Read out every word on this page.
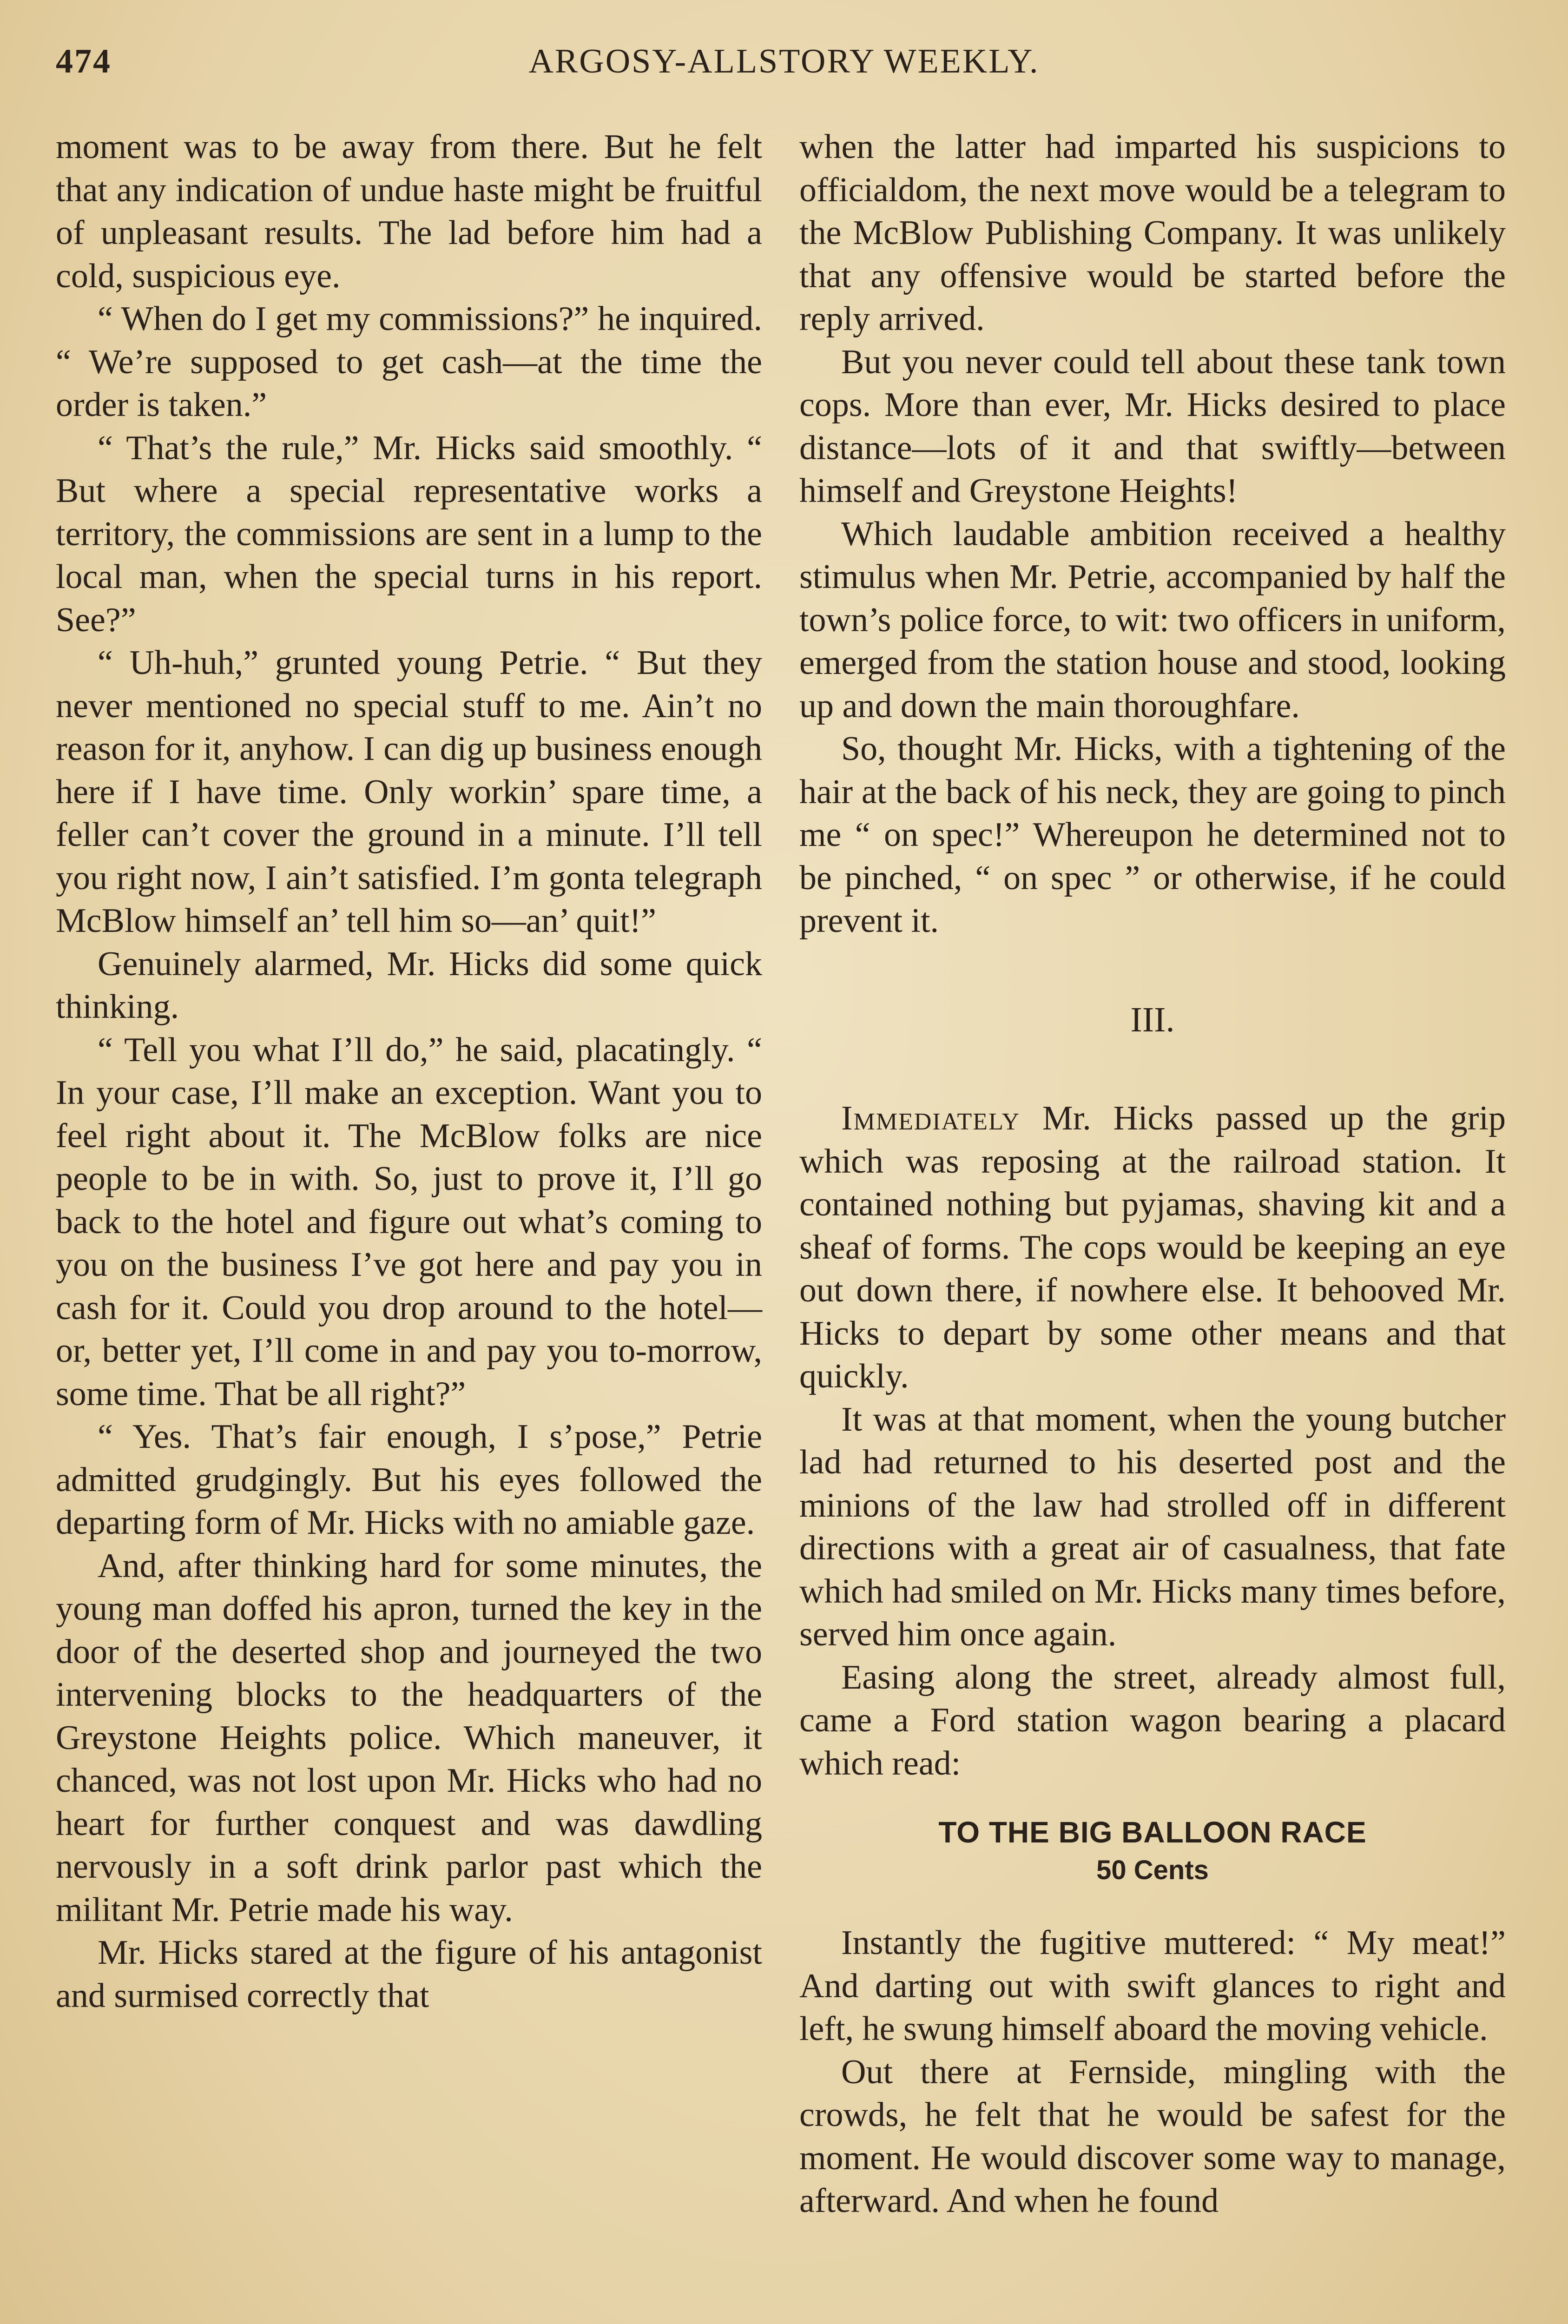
474	ARGOSY-ALLSTORY WEEKLY.

moment was to be away from there. But he felt that any indication of undue haste might be fruitful of unpleasant results. The lad before him had a cold, suspicious eye.

“ When do I get my commissions?” he inquired. “ We’re supposed to get cash—at the time the order is taken.”

“ That’s the rule,” Mr. Hicks said smoothly. “ But where a special representative works a territory, the commissions are sent in a lump to the local man, when the special turns in his report. See?”

“ Uh-huh,” grunted young Petrie. “ But they never mentioned no special stuff to me. Ain’t no reason for it, anyhow. I can dig up business enough here if I have time. Only workin’ spare time, a feller can’t cover the ground in a minute. I’ll tell you right now, I ain’t satisfied. I’m gonta telegraph McBlow himself an’ tell him so—an’ quit!”

Genuinely alarmed, Mr. Hicks did some quick thinking.

“ Tell you what I’ll do,” he said, placatingly. “ In your case, I’ll make an exception. Want you to feel right about it. The McBlow folks are nice people to be in with. So, just to prove it, I’ll go back to the hotel and figure out what’s coming to you on the business I’ve got here and pay you in cash for it. Could you drop around to the hotel—or, better yet, I’ll come in and pay you to-morrow, some time. That be all right?”

“ Yes. That’s fair enough, I s’pose,” Petrie admitted grudgingly. But his eyes followed the departing form of Mr. Hicks with no amiable gaze.

And, after thinking hard for some minutes, the young man doffed his apron, turned the key in the door of the deserted shop and journeyed the two intervening blocks to the headquarters of the Greystone Heights police. Which maneuver, it chanced, was not lost upon Mr. Hicks who had no heart for further conquest and was dawdling nervously in a soft drink parlor past which the militant Mr. Petrie made his way.

Mr. Hicks stared at the figure of his antagonist and surmised correctly that

when the latter had imparted his suspicions to officialdom, the next move would be a telegram to the McBlow Publishing Company. It was unlikely that any offensive would be started before the reply arrived.

But you never could tell about these tank town cops. More than ever, Mr. Hicks desired to place distance—lots of it and that swiftly—between himself and Greystone Heights!

Which laudable ambition received a healthy stimulus when Mr. Petrie, accompanied by half the town’s police force, to wit: two officers in uniform, emerged from the station house and stood, looking up and down the main thoroughfare.

So, thought Mr. Hicks, with a tightening of the hair at the back of his neck, they are going to pinch me “ on spec!” Whereupon he determined not to be pinched, “ on spec ” or otherwise, if he could prevent it.

III.

Immediately Mr. Hicks passed up the grip which was reposing at the railroad station. It contained nothing but pyjamas, shaving kit and a sheaf of forms. The cops would be keeping an eye out down there, if nowhere else. It behooved Mr. Hicks to depart by some other means and that quickly.

It was at that moment, when the young butcher lad had returned to his deserted post and the minions of the law had strolled off in different directions with a great air of casualness, that fate which had smiled on Mr. Hicks many times before, served him once again.

Easing along the street, already almost full, came a Ford station wagon bearing a placard which read:

TO THE BIG BALLOON RACE
50 Cents

Instantly the fugitive muttered: “ My meat!” And darting out with swift glances to right and left, he swung himself aboard the moving vehicle.

Out there at Fernside, mingling with the crowds, he felt that he would be safest for the moment. He would discover some way to manage, afterward. And when he found
